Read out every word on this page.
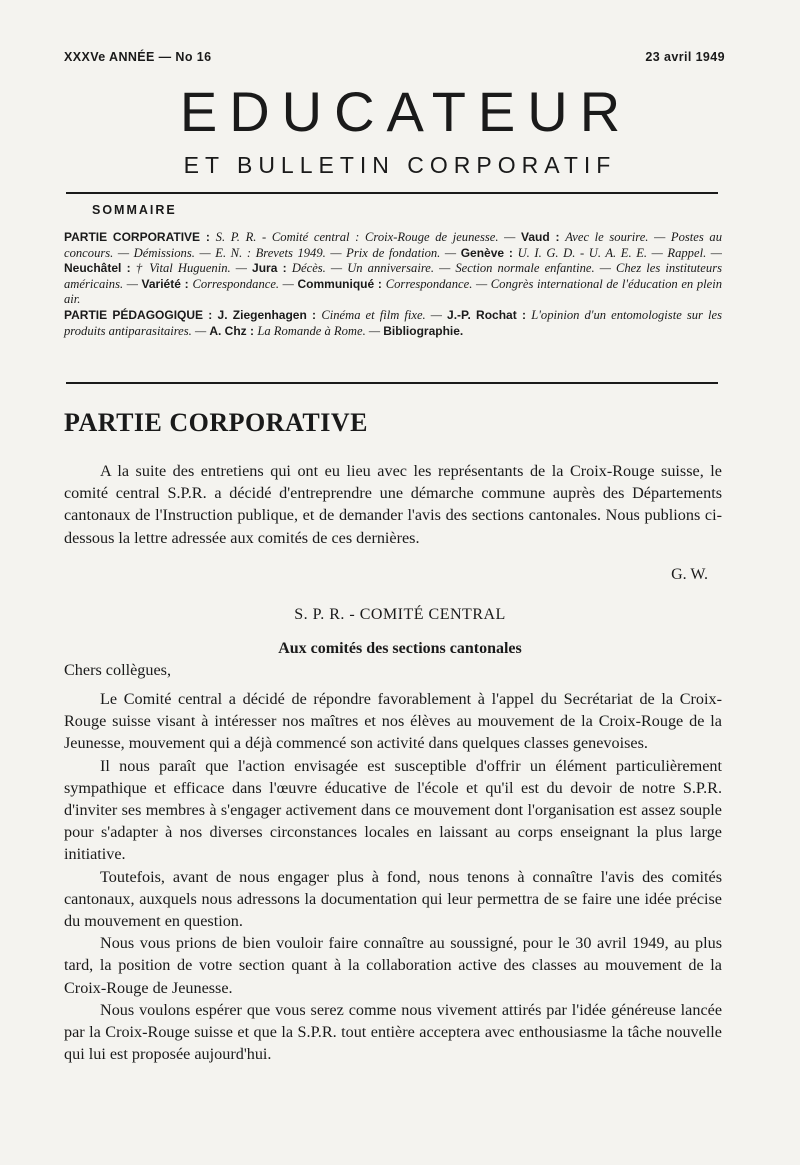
XXXVe ANNÉE — No 16	23 avril 1949
EDUCATEUR
ET BULLETIN CORPORATIF
SOMMAIRE

PARTIE CORPORATIVE : S. P. R. - Comité central : Croix-Rouge de jeunesse. — Vaud : Avec le sourire. — Postes au concours. — Démissions. — E. N. : Brevets 1949. — Prix de fondation. — Genève : U. I. G. D. - U. A. E. E. — Rappel. — Neuchâtel : † Vital Huguenin. — Jura : Décès. — Un anniversaire. — Section normale enfantine. — Chez les instituteurs américains. — Variété : Correspondance. — Communiqué : Correspondance. — Congrès international de l'éducation en plein air.

PARTIE PÉDAGOGIQUE : J. Ziegenhagen : Cinéma et film fixe. — J.-P. Rochat : L'opinion d'un entomologiste sur les produits antiparasitaires. — A. Chz : La Romande à Rome. — Bibliographie.

PARTIE CORPORATIVE

A la suite des entretiens qui ont eu lieu avec les représentants de la Croix-Rouge suisse, le comité central S.P.R. a décidé d'entreprendre une démarche commune auprès des Départements cantonaux de l'Instruction publique, et de demander l'avis des sections cantonales. Nous publions ci-dessous la lettre adressée aux comités de ces dernières.

G. W.
S. P. R. - COMITÉ CENTRAL
Aux comités des sections cantonales
Chers collègues,

Le Comité central a décidé de répondre favorablement à l'appel du Secrétariat de la Croix-Rouge suisse visant à intéresser nos maîtres et nos élèves au mouvement de la Croix-Rouge de la Jeunesse, mouvement qui a déjà commencé son activité dans quelques classes genevoises.

Il nous paraît que l'action envisagée est susceptible d'offrir un élément particulièrement sympathique et efficace dans l'œuvre éducative de l'école et qu'il est du devoir de notre S.P.R. d'inviter ses membres à s'engager activement dans ce mouvement dont l'organisation est assez souple pour s'adapter à nos diverses circonstances locales en laissant au corps enseignant la plus large initiative.

Toutefois, avant de nous engager plus à fond, nous tenons à connaître l'avis des comités cantonaux, auxquels nous adressons la documentation qui leur permettra de se faire une idée précise du mouvement en question.

Nous vous prions de bien vouloir faire connaître au soussigné, pour le 30 avril 1949, au plus tard, la position de votre section quant à la collaboration active des classes au mouvement de la Croix-Rouge de Jeunesse.

Nous voulons espérer que vous serez comme nous vivement attirés par l'idée généreuse lancée par la Croix-Rouge suisse et que la S.P.R. tout entière acceptera avec enthousiasme la tâche nouvelle qui lui est proposée aujourd'hui.
